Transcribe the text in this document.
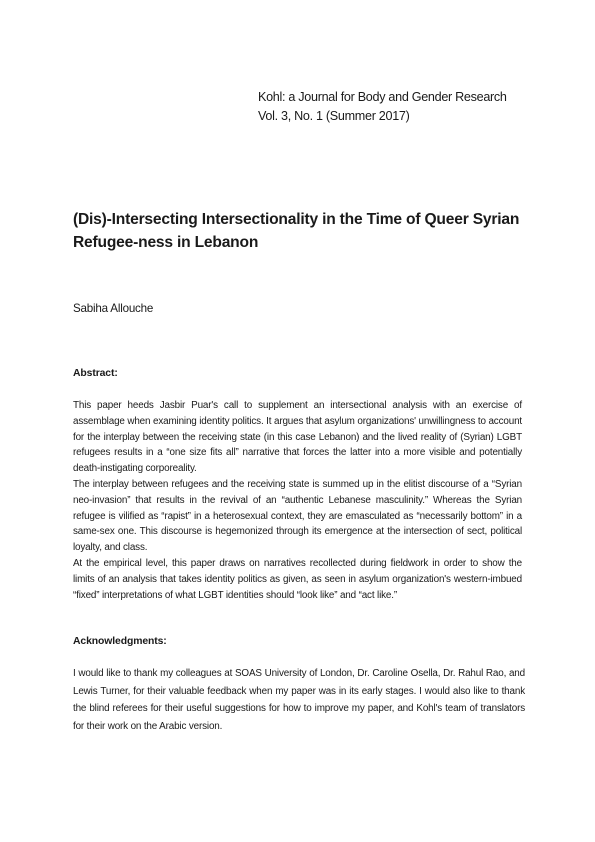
Kohl: a Journal for Body and Gender Research
Vol. 3, No. 1 (Summer 2017)
(Dis)-Intersecting Intersectionality in the Time of Queer Syrian Refugee-ness in Lebanon
Sabiha Allouche
Abstract:

This paper heeds Jasbir Puar's call to supplement an intersectional analysis with an exercise of assemblage when examining identity politics. It argues that asylum organizations' unwillingness to account for the interplay between the receiving state (in this case Lebanon) and the lived reality of (Syrian) LGBT refugees results in a “one size fits all” narrative that forces the latter into a more visible and potentially death-instigating corporeality.

The interplay between refugees and the receiving state is summed up in the elitist discourse of a “Syrian neo-invasion” that results in the revival of an “authentic Lebanese masculinity.” Whereas the Syrian refugee is vilified as “rapist” in a heterosexual context, they are emasculated as “necessarily bottom” in a same-sex one. This discourse is hegemonized through its emergence at the intersection of sect, political loyalty, and class.

At the empirical level, this paper draws on narratives recollected during fieldwork in order to show the limits of an analysis that takes identity politics as given, as seen in asylum organization's western-imbued “fixed” interpretations of what LGBT identities should “look like” and “act like.”

Acknowledgments:

I would like to thank my colleagues at SOAS University of London, Dr. Caroline Osella, Dr. Rahul Rao, and Lewis Turner, for their valuable feedback when my paper was in its early stages. I would also like to thank the blind referees for their useful suggestions for how to improve my paper, and Kohl's team of translators for their work on the Arabic version.
